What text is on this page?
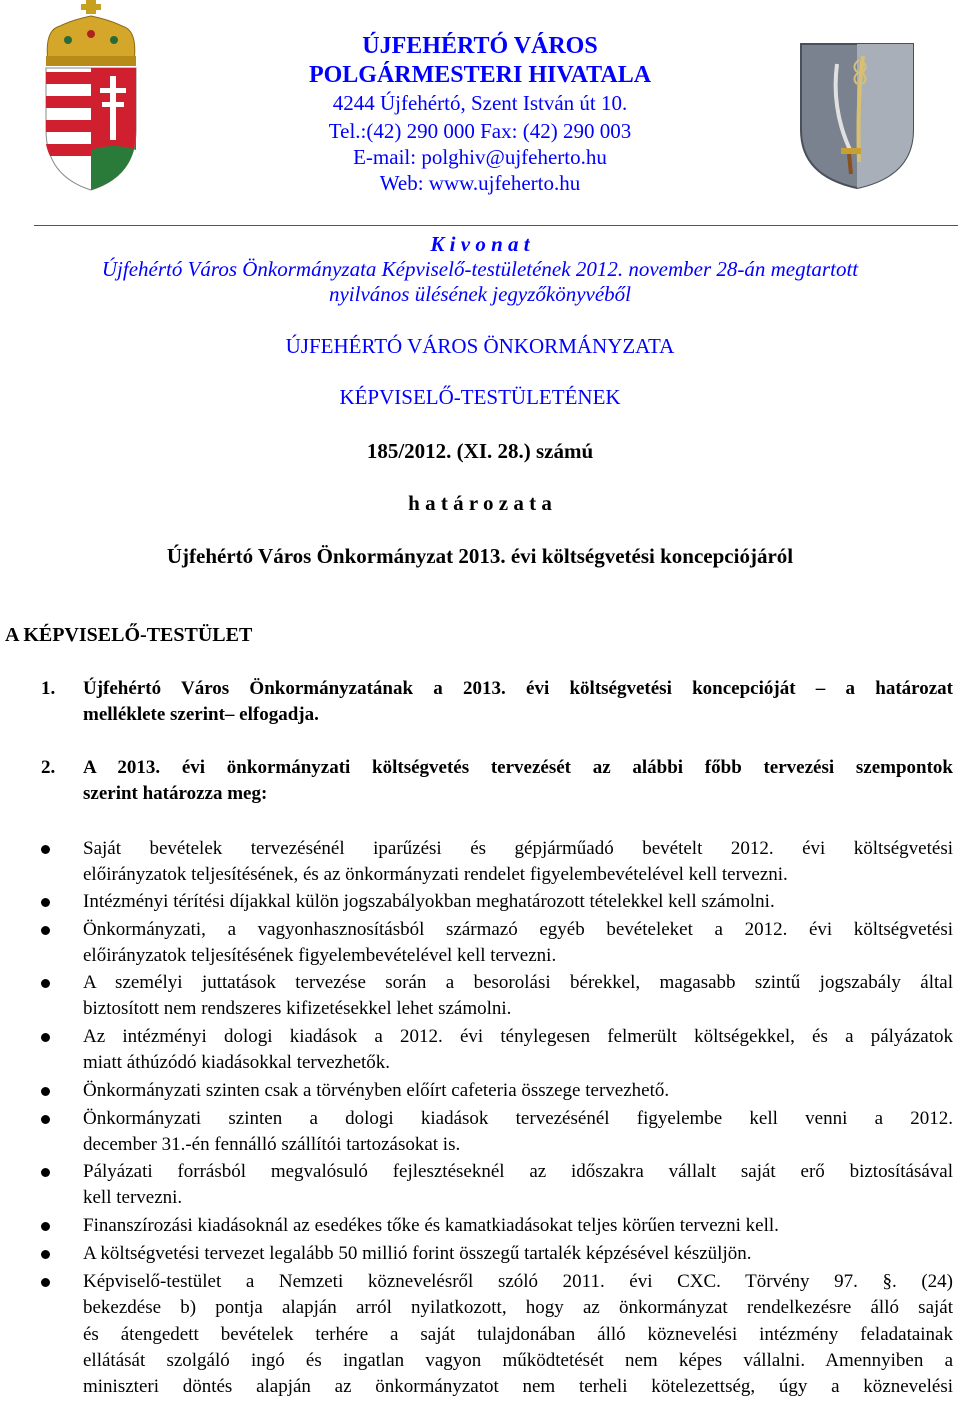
ÚJFEHÉRTÓ VÁROS
POLGÁRMESTERI HIVATALA
4244 Újfehértó, Szent István út 10.
Tel.:(42) 290 000 Fax: (42) 290 003
E-mail: polghiv@ujfeherto.hu
Web: www.ujfeherto.hu
K i v o n a t
Újfehértó Város Önkormányzata Képviselő-testületének 2012. november 28-án megtartott
nyilvános ülésének jegyzőkönyvéből
ÚJFEHÉRTÓ VÁROS ÖNKORMÁNYZATA
KÉPVISELŐ-TESTÜLETÉNEK
185/2012. (XI. 28.) számú
h a t á r o z a t a
Újfehértó Város Önkormányzat 2013. évi költségvetési koncepciójáról
A KÉPVISELŐ-TESTÜLET
1. Újfehértó Város Önkormányzatának a 2013. évi költségvetési koncepcióját – a határozat
melléklete szerint– elfogadja.
2. A 2013. évi önkormányzati költségvetés tervezését az alábbi főbb tervezési szempontok
szerint határozza meg:
Saját bevételek tervezésénél iparűzési és gépjárműadó bevételt 2012. évi költségvetési
előirányzatok teljesítésének, és az önkormányzati rendelet figyelembevételével kell tervezni.
Intézményi térítési díjakkal külön jogszabályokban meghatározott tételekkel kell számolni.
Önkormányzati, a vagyonhasznosításból származó egyéb bevételeket a 2012. évi költségvetési
előirányzatok teljesítésének figyelembevételével kell tervezni.
A személyi juttatások tervezése során a besorolási bérekkel, magasabb szintű jogszabály által
biztosított nem rendszeres kifizetésekkel lehet számolni.
Az intézményi dologi kiadások a 2012. évi ténylegesen felmerült költségekkel, és a pályázatok
miatt áthúzódó kiadásokkal tervezhetők.
Önkormányzati szinten csak a törvényben előírt cafeteria összege tervezhető.
Önkormányzati szinten a dologi kiadások tervezésénél figyelembe kell venni a 2012.
december 31.-én fennálló szállítói tartozásokat is.
Pályázati forrásból megvalósuló fejlesztéseknél az időszakra vállalt saját erő biztosításával
kell tervezni.
Finanszírozási kiadásoknál az esedékes tőke és kamatkiadásokat teljes körűen tervezni kell.
A költségvetési tervezet legalább 50 millió forint összegű tartalék képzésével készüljön.
Képviselő-testület a Nemzeti köznevelésről szóló 2011. évi CXC. Törvény 97. §. (24)
bekezdése b) pontja alapján arról nyilatkozott, hogy az önkormányzat rendelkezésre álló saját
és átengedett bevételek terhére a saját tulajdonában álló köznevelési intézmény feladatainak
ellátását szolgáló ingó és ingatlan vagyon működtetését nem képes vállalni. Amennyiben a
miniszteri döntés alapján az önkormányzatot nem terheli kötelezettség, úgy a köznevelési
